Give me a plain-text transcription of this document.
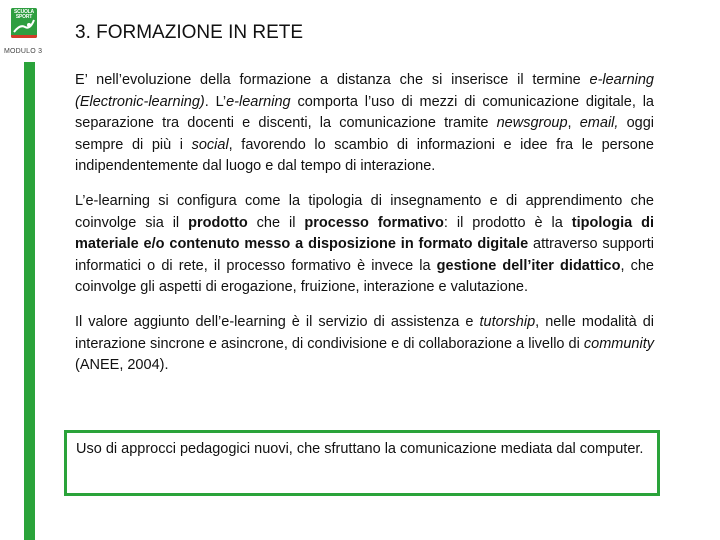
SCUOLA
SPORT
MODULO 3
3. FORMAZIONE IN RETE

E’ nell’evoluzione della formazione a distanza che si inserisce il termine e-learning (Electronic-learning). L’e-learning comporta l’uso di mezzi di comunicazione digitale, la separazione tra docenti e discenti, la comunicazione tramite newsgroup, email, oggi sempre di più i social, favorendo lo scambio di informazioni e idee fra le persone indipendentemente dal luogo e dal tempo di interazione.

L’e-learning si configura come la tipologia di insegnamento e di apprendimento che coinvolge sia il prodotto che il processo formativo: il prodotto è la tipologia di materiale e/o contenuto messo a disposizione in formato digitale attraverso supporti informatici o di rete, il processo formativo è invece la gestione dell’iter didattico, che coinvolge gli aspetti di erogazione, fruizione, interazione e valutazione.

Il valore aggiunto dell’e-learning è il servizio di assistenza e tutorship, nelle modalità di interazione sincrone e asincrone, di condivisione e di collaborazione a livello di community (ANEE, 2004).

Uso di approcci pedagogici nuovi, che sfruttano la comunicazione mediata dal computer.
